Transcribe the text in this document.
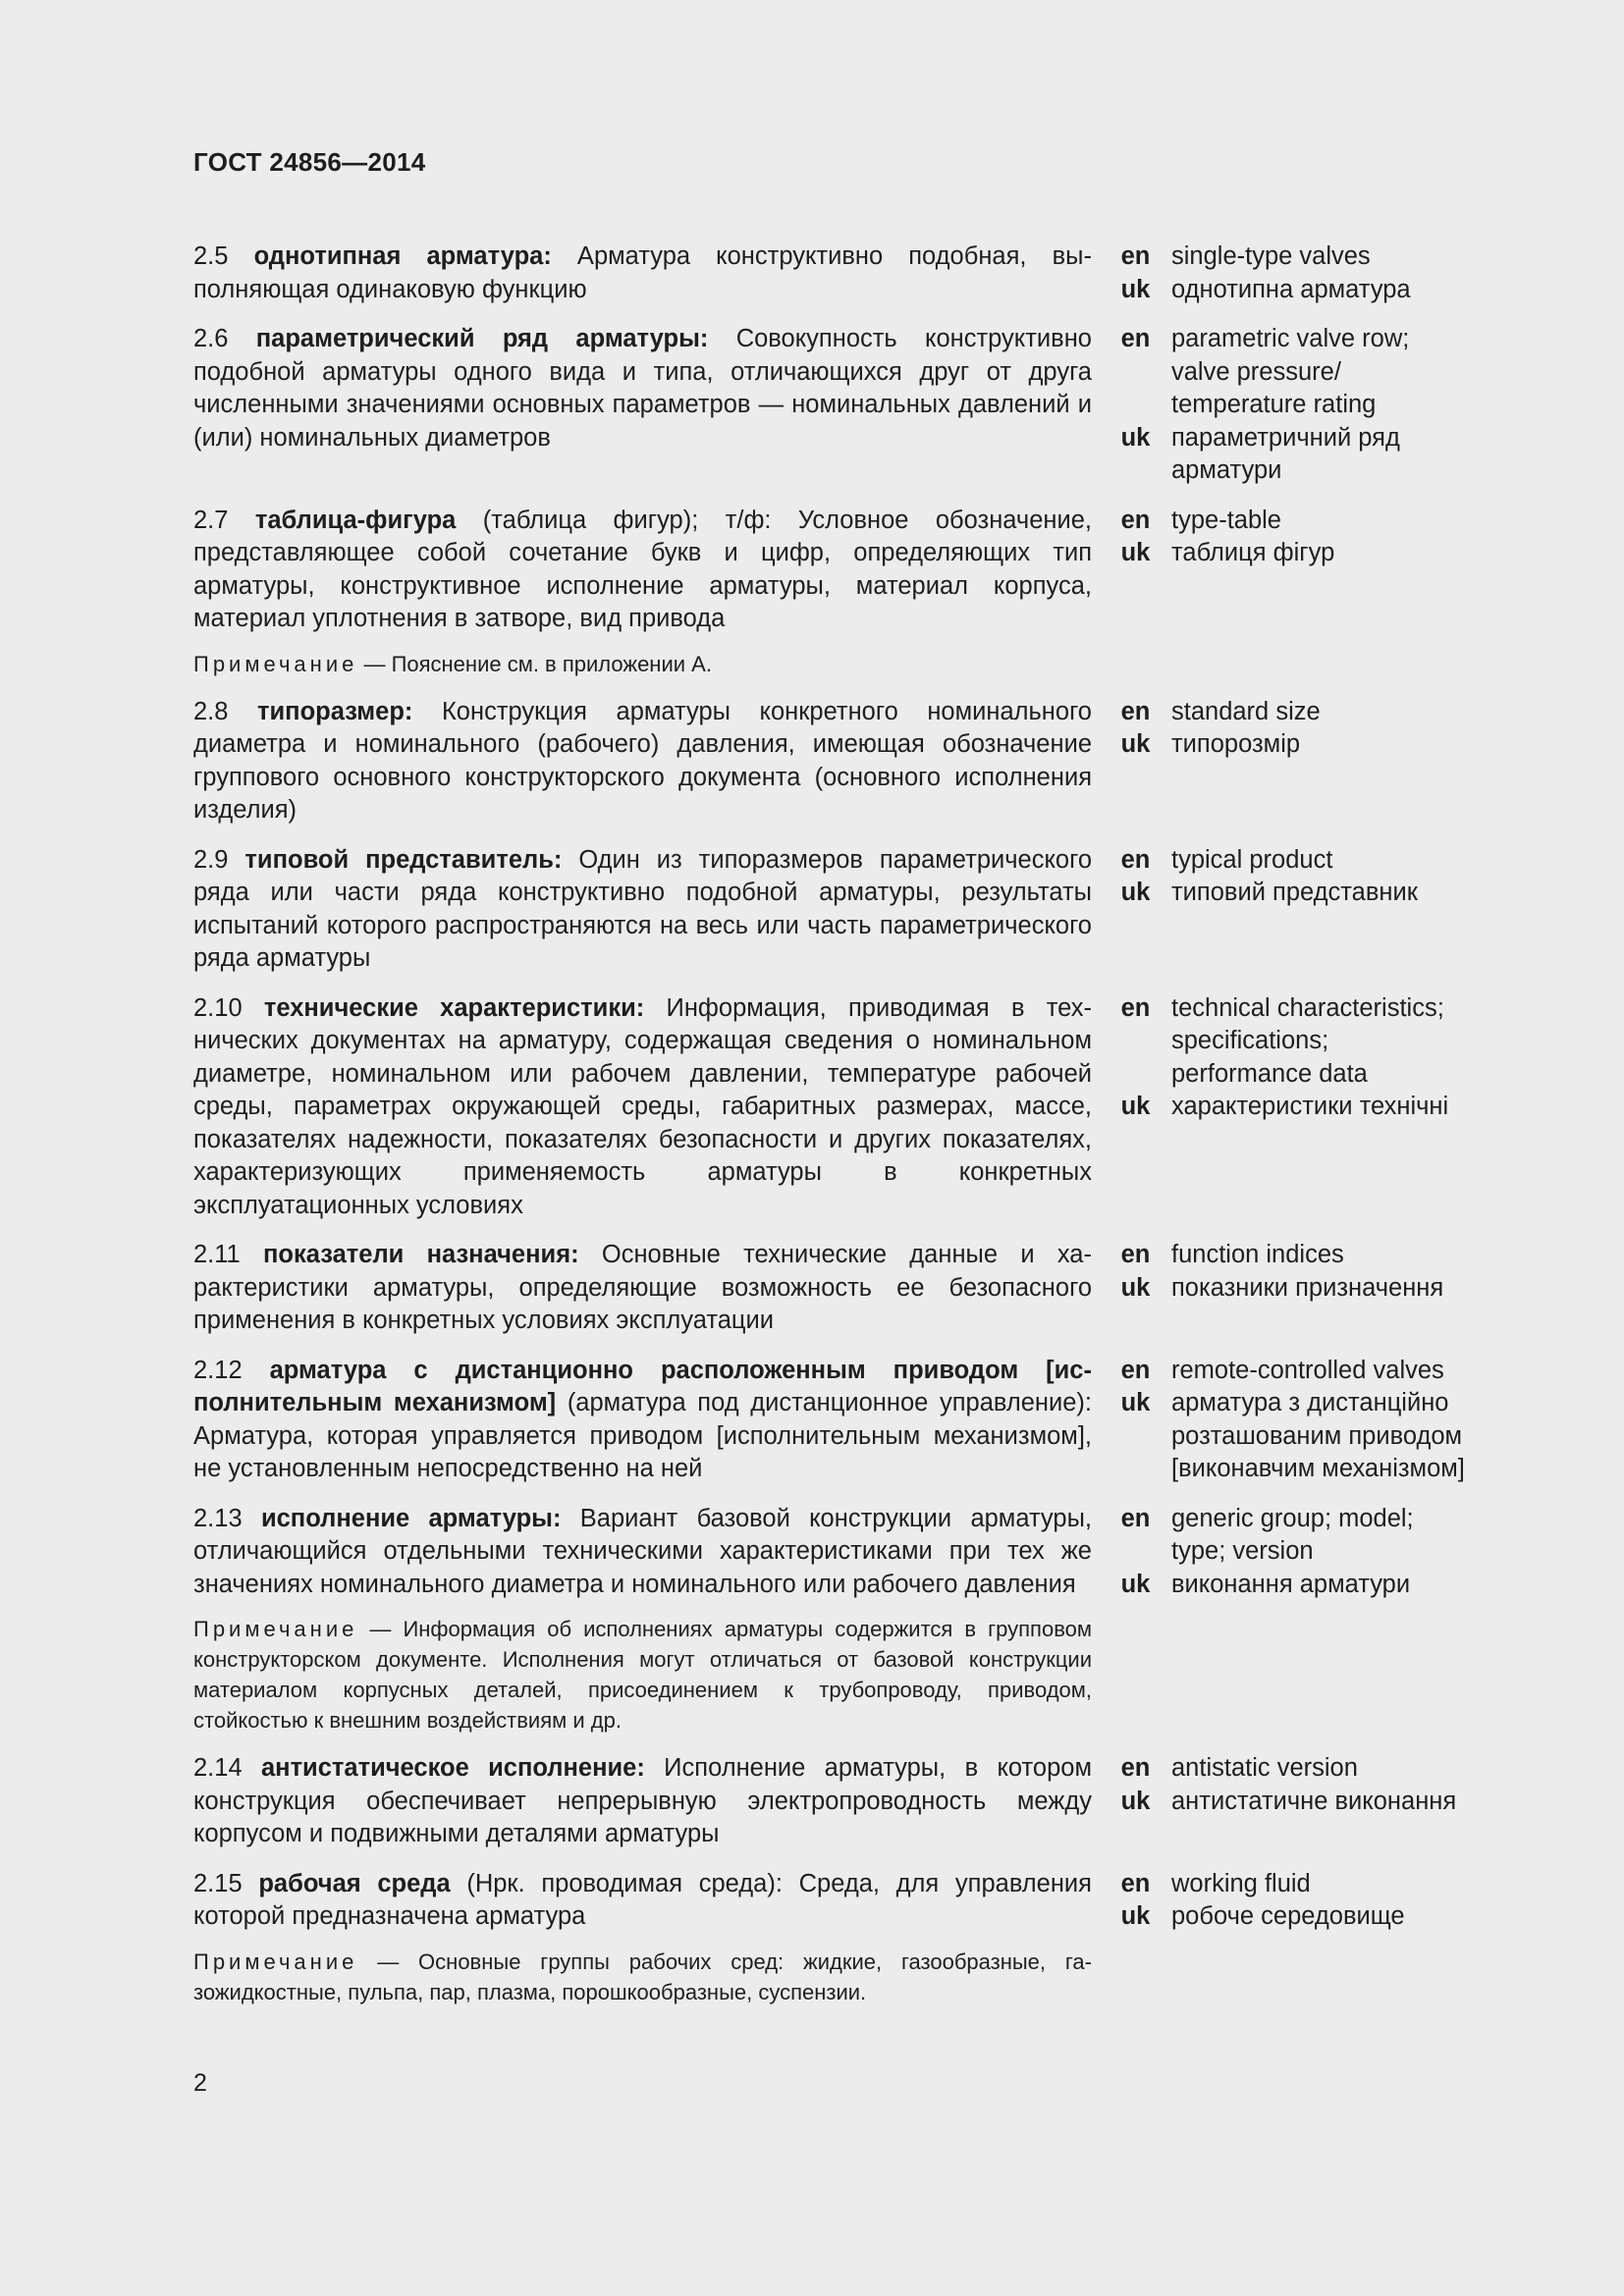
ГОСТ 24856—2014
2.5 однотипная арматура: Арматура конструктивно подобная, выполняющая одинаковую функцию
en single-type valves
uk однотипна арматура
2.6 параметрический ряд арматуры: Совокупность конструктивно подобной арматуры одного вида и типа, отличающихся друг от друга численными значениями основных параметров — номинальных давлений и (или) номинальных диаметров
en parametric valve row;
valve pressure/
temperature rating
uk параметричний ряд
арматури
2.7 таблица-фигура (таблица фигур); т/ф: Условное обозначение, представляющее собой сочетание букв и цифр, определяющих тип арматуры, конструктивное исполнение арматуры, материал корпуса, материал уплотнения в затворе, вид привода
en type-table
uk таблиця фігур
Примечание — Пояснение см. в приложении А.
2.8 типоразмер: Конструкция арматуры конкретного номинального диаметра и номинального (рабочего) давления, имеющая обозначение группового основного конструкторского документа (основного исполнения изделия)
en standard size
uk типорозмір
2.9 типовой представитель: Один из типоразмеров параметрического ряда или части ряда конструктивно подобной арматуры, результаты испытаний которого распространяются на весь или часть параметрического ряда арматуры
en typical product
uk типовий представник
2.10 технические характеристики: Информация, приводимая в технических документах на арматуру, содержащая сведения о номинальном диаметре, номинальном или рабочем давлении, температуре рабочей среды, параметрах окружающей среды, габаритных размерах, массе, показателях надежности, показателях безопасности и других показателях, характеризующих применяемость арматуры в конкретных эксплуатационных условиях
en technical characteristics;
specifications;
performance data
uk характеристики технічні
2.11 показатели назначения: Основные технические данные и характеристики арматуры, определяющие возможность ее безопасного применения в конкретных условиях эксплуатации
en function indices
uk показники призначення
2.12 арматура с дистанционно расположенным приводом [исполнительным механизмом] (арматура под дистанционное управление): Арматура, которая управляется приводом [исполнительным механизмом], не установленным непосредственно на ней
en remote-controlled valves
uk арматура з дистанційно
розташованим приводом
[виконавчим механізмом]
2.13 исполнение арматуры: Вариант базовой конструкции арматуры, отличающийся отдельными техническими характеристиками при тех же значениях номинального диаметра и номинального или рабочего давления
en generic group; model;
type; version
uk виконання арматури
Примечание — Информация об исполнениях арматуры содержится в групповом конструкторском документе. Исполнения могут отличаться от базовой конструкции материалом корпусных деталей, присоединением к трубопроводу, приводом, стойкостью к внешним воздействиям и др.
2.14 антистатическое исполнение: Исполнение арматуры, в котором конструкция обеспечивает непрерывную электропроводность между корпусом и подвижными деталями арматуры
en antistatic version
uk антистатичне виконання
2.15 рабочая среда (Нрк. проводимая среда): Среда, для управления которой предназначена арматура
en working fluid
uk робоче середовище
Примечание — Основные группы рабочих сред: жидкие, газообразные, газожидкостные, пульпа, пар, плазма, порошкообразные, суспензии.
2
